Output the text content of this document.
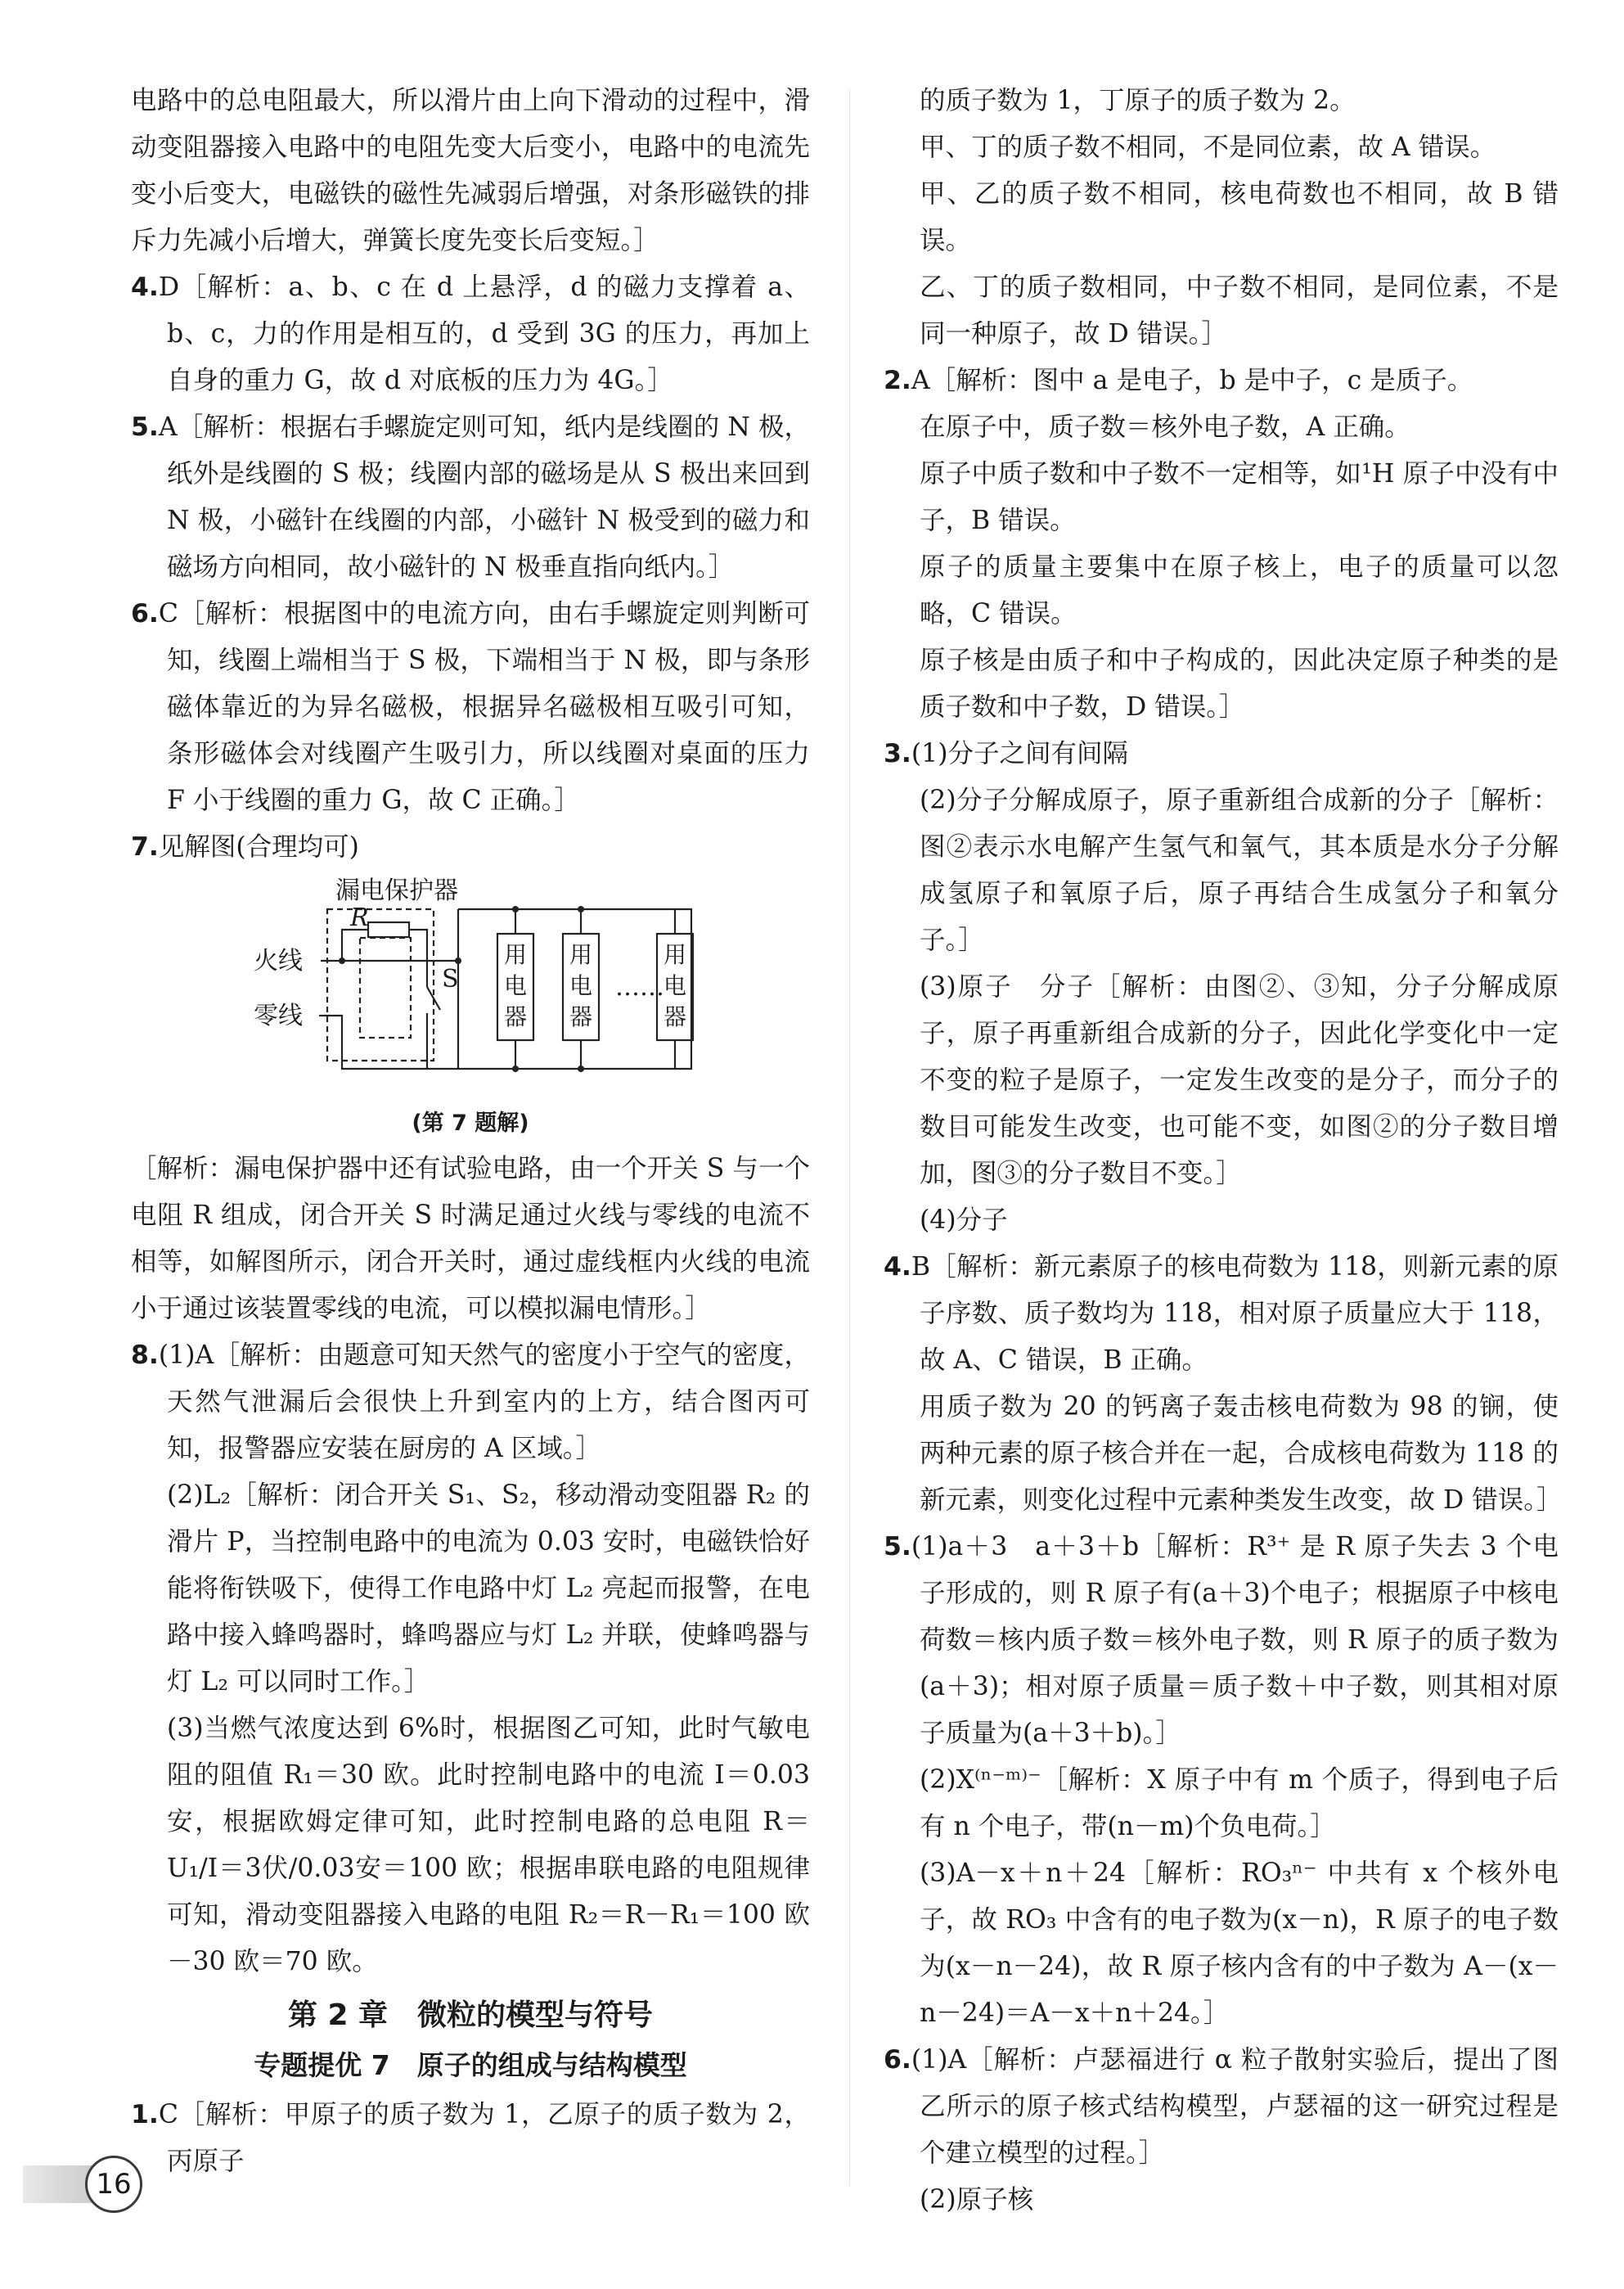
电路中的总电阻最大，所以滑片由上向下滑动的过程中，滑动变阻器接入电路中的电阻先变大后变小，电路中的电流先变小后变大，电磁铁的磁性先减弱后增强，对条形磁铁的排斥力先减小后增大，弹簧长度先变长后变短。］

4.D［解析：a、b、c 在 d 上悬浮，d 的磁力支撑着 a、b、c，力的作用是相互的，d 受到 3G 的压力，再加上自身的重力 G，故 d 对底板的压力为 4G。］

5.A［解析：根据右手螺旋定则可知，纸内是线圈的 N 极，纸外是线圈的 S 极；线圈内部的磁场是从 S 极出来回到 N 极，小磁针在线圈的内部，小磁针 N 极受到的磁力和磁场方向相同，故小磁针的 N 极垂直指向纸内。］

6.C［解析：根据图中的电流方向，由右手螺旋定则判断可知，线圈上端相当于 S 极，下端相当于 N 极，即与条形磁体靠近的为异名磁极，根据异名磁极相互吸引可知，条形磁体会对线圈产生吸引力，所以线圈对桌面的压力 F 小于线圈的重力 G，故 C 正确。］

7.见解图(合理均可)

漏电保护器
R
S
火线
零线
……
用
电
器
用
电
器
用
电
器
(第 7 题解)

［解析：漏电保护器中还有试验电路，由一个开关 S 与一个电阻 R 组成，闭合开关 S 时满足通过火线与零线的电流不相等，如解图所示，闭合开关时，通过虚线框内火线的电流小于通过该装置零线的电流，可以模拟漏电情形。］

8.(1)A［解析：由题意可知天然气的密度小于空气的密度，天然气泄漏后会很快上升到室内的上方，结合图丙可知，报警器应安装在厨房的 A 区域。］

(2)L₂［解析：闭合开关 S₁、S₂，移动滑动变阻器 R₂ 的滑片 P，当控制电路中的电流为 0.03 安时，电磁铁恰好能将衔铁吸下，使得工作电路中灯 L₂ 亮起而报警，在电路中接入蜂鸣器时，蜂鸣器应与灯 L₂ 并联，使蜂鸣器与灯 L₂ 可以同时工作。］

(3)当燃气浓度达到 6%时，根据图乙可知，此时气敏电阻的阻值 R₁＝30 欧。此时控制电路中的电流 I＝0.03 安，根据欧姆定律可知，此时控制电路的总电阻 R＝U₁/I＝3伏/0.03安＝100 欧；根据串联电路的电阻规律可知，滑动变阻器接入电路的电阻 R₂＝R－R₁＝100 欧－30 欧＝70 欧。

第 2 章　微粒的模型与符号
专题提优 7　原子的组成与结构模型

1.C［解析：甲原子的质子数为 1，乙原子的质子数为 2，丙原子

的质子数为 1，丁原子的质子数为 2。

甲、丁的质子数不相同，不是同位素，故 A 错误。

甲、乙的质子数不相同，核电荷数也不相同，故 B 错误。

乙、丁的质子数相同，中子数不相同，是同位素，不是同一种原子，故 D 错误。］

2.A［解析：图中 a 是电子，b 是中子，c 是质子。

在原子中，质子数＝核外电子数，A 正确。

原子中质子数和中子数不一定相等，如¹H 原子中没有中子，B 错误。

原子的质量主要集中在原子核上，电子的质量可以忽略，C 错误。

原子核是由质子和中子构成的，因此决定原子种类的是质子数和中子数，D 错误。］

3.(1)分子之间有间隔

(2)分子分解成原子，原子重新组合成新的分子［解析：图②表示水电解产生氢气和氧气，其本质是水分子分解成氢原子和氧原子后，原子再结合生成氢分子和氧分子。］

(3)原子　分子［解析：由图②、③知，分子分解成原子，原子再重新组合成新的分子，因此化学变化中一定不变的粒子是原子，一定发生改变的是分子，而分子的数目可能发生改变，也可能不变，如图②的分子数目增加，图③的分子数目不变。］

(4)分子

4.B［解析：新元素原子的核电荷数为 118，则新元素的原子序数、质子数均为 118，相对原子质量应大于 118，故 A、C 错误，B 正确。

用质子数为 20 的钙离子轰击核电荷数为 98 的锎，使两种元素的原子核合并在一起，合成核电荷数为 118 的新元素，则变化过程中元素种类发生改变，故 D 错误。］

5.(1)a＋3　a＋3＋b［解析：R³⁺ 是 R 原子失去 3 个电子形成的，则 R 原子有(a＋3)个电子；根据原子中核电荷数＝核内质子数＝核外电子数，则 R 原子的质子数为(a＋3)；相对原子质量＝质子数＋中子数，则其相对原子质量为(a＋3＋b)。］

(2)X⁽ⁿ⁻ᵐ⁾⁻［解析：X 原子中有 m 个质子，得到电子后有 n 个电子，带(n－m)个负电荷。］

(3)A－x＋n＋24［解析：RO₃ⁿ⁻ 中共有 x 个核外电子，故 RO₃ 中含有的电子数为(x－n)，R 原子的电子数为(x－n－24)，故 R 原子核内含有的中子数为 A－(x－n－24)＝A－x＋n＋24。］

6.(1)A［解析：卢瑟福进行 α 粒子散射实验后，提出了图乙所示的原子核式结构模型，卢瑟福的这一研究过程是个建立模型的过程。］

(2)原子核

16
